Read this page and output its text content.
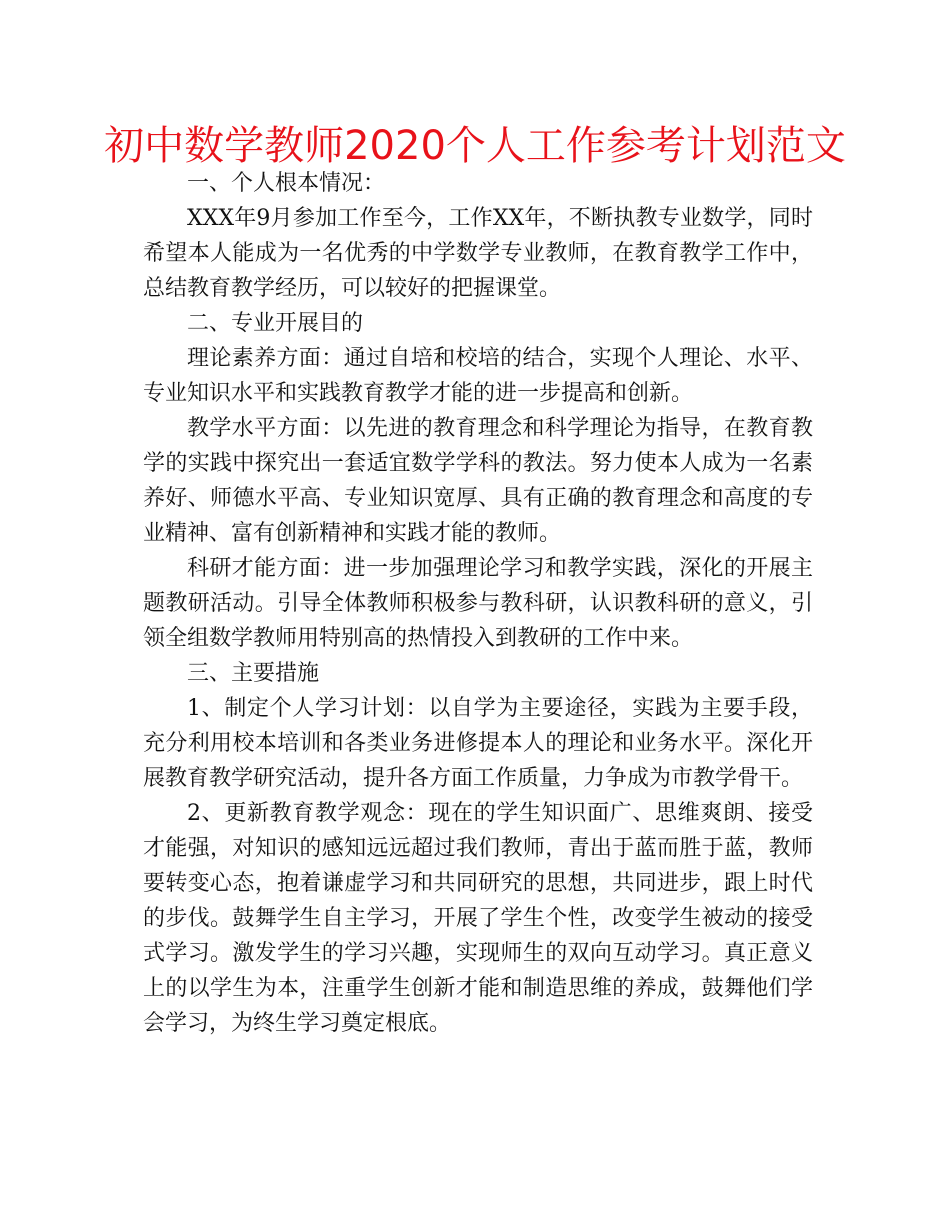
初中数学教师2020个人工作参考计划范文

一、个人根本情况：

XXX年9月参加工作至今，工作XX年，不断执教专业数学，同时希望本人能成为一名优秀的中学数学专业教师，在教育教学工作中，总结教育教学经历，可以较好的把握课堂。

二、专业开展目的

理论素养方面：通过自培和校培的结合，实现个人理论、水平、专业知识水平和实践教育教学才能的进一步提高和创新。

教学水平方面：以先进的教育理念和科学理论为指导，在教育教学的实践中探究出一套适宜数学学科的教法。努力使本人成为一名素养好、师德水平高、专业知识宽厚、具有正确的教育理念和高度的专业精神、富有创新精神和实践才能的教师。

科研才能方面：进一步加强理论学习和教学实践，深化的开展主题教研活动。引导全体教师积极参与教科研，认识教科研的意义，引领全组数学教师用特别高的热情投入到教研的工作中来。

三、主要措施

1、制定个人学习计划：以自学为主要途径，实践为主要手段，充分利用校本培训和各类业务进修提本人的理论和业务水平。深化开展教育教学研究活动，提升各方面工作质量，力争成为市教学骨干。

2、更新教育教学观念：现在的学生知识面广、思维爽朗、接受才能强，对知识的感知远远超过我们教师，青出于蓝而胜于蓝，教师要转变心态，抱着谦虚学习和共同研究的思想，共同进步，跟上时代的步伐。鼓舞学生自主学习，开展了学生个性，改变学生被动的接受式学习。激发学生的学习兴趣，实现师生的双向互动学习。真正意义上的以学生为本，注重学生创新才能和制造思维的养成，鼓舞他们学会学习，为终生学习奠定根底。
